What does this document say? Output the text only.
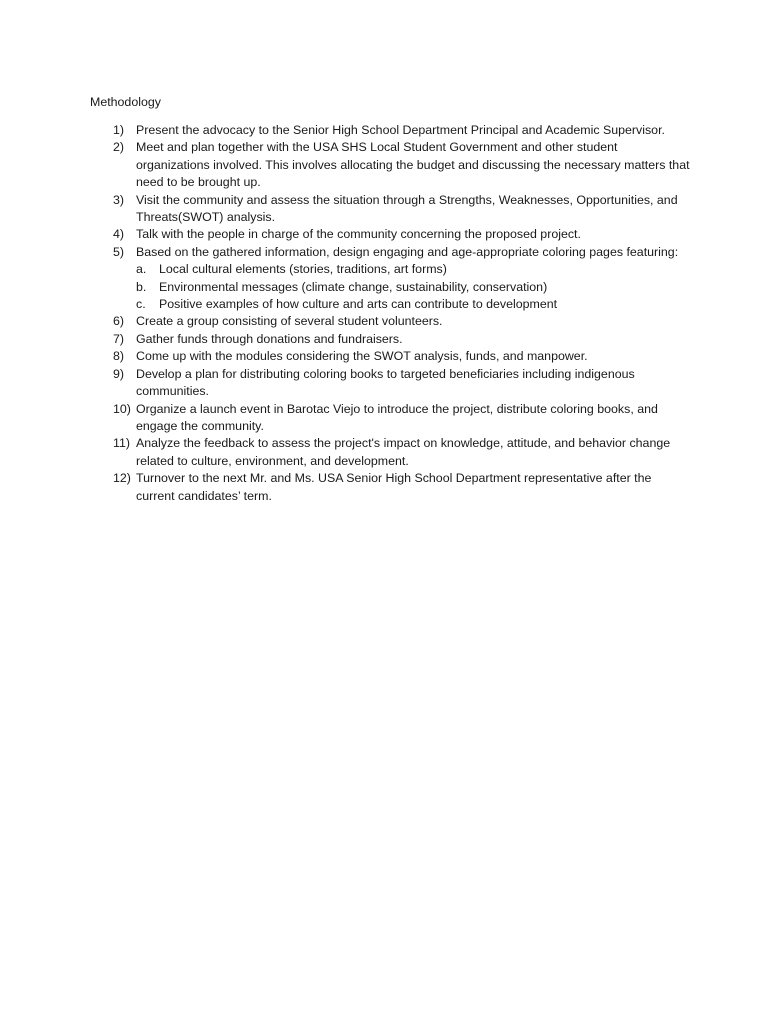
Methodology
1) Present the advocacy to the Senior High School Department Principal and Academic Supervisor.
2) Meet and plan together with the USA SHS Local Student Government and other student organizations involved. This involves allocating the budget and discussing the necessary matters that need to be brought up.
3) Visit the community and assess the situation through a Strengths, Weaknesses, Opportunities, and Threats(SWOT) analysis.
4) Talk with the people in charge of the community concerning the proposed project.
5) Based on the gathered information, design engaging and age-appropriate coloring pages featuring:
a.	Local cultural elements (stories, traditions, art forms)
b.	Environmental messages (climate change, sustainability, conservation)
c.	Positive examples of how culture and arts can contribute to development
6) Create a group consisting of several student volunteers.
7) Gather funds through donations and fundraisers.
8) Come up with the modules considering the SWOT analysis, funds, and manpower.
9) Develop a plan for distributing coloring books to targeted beneficiaries including indigenous communities.
10) Organize a launch event in Barotac Viejo to introduce the project, distribute coloring books, and engage the community.
11) Analyze the feedback to assess the project's impact on knowledge, attitude, and behavior change related to culture, environment, and development.
12) Turnover to the next Mr. and Ms. USA Senior High School Department representative after the current candidates’ term.
